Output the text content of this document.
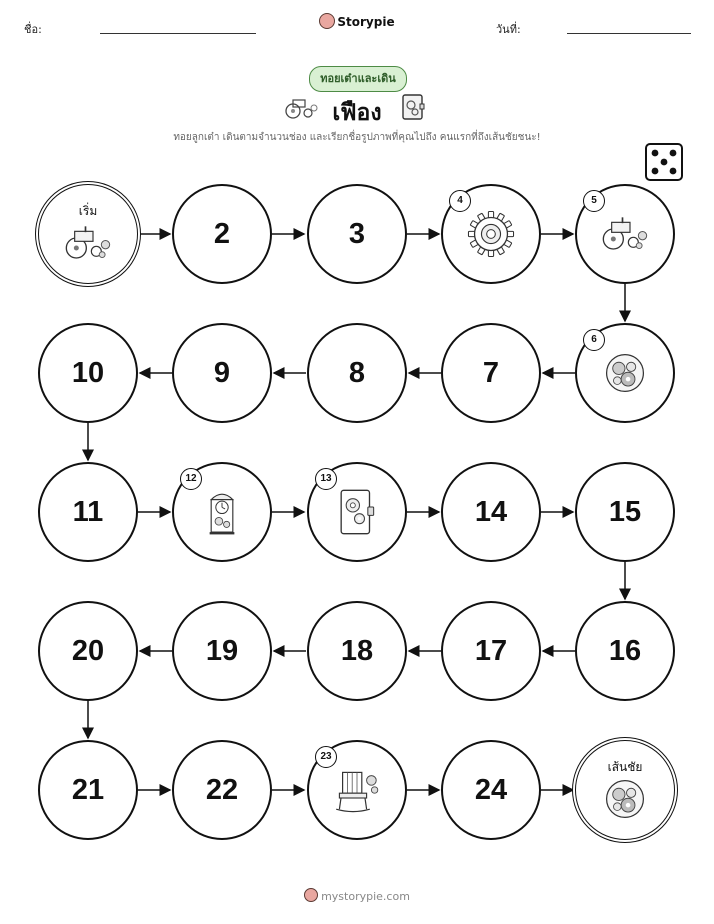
ชื่อ:
Storypie
วันที่:
ทอยเต๋าและเดิน
เฟือง
ทอยลูกเต๋า เดินตามจำนวนช่อง และเรียกชื่อรูปภาพที่คุณไปถึง คนแรกที่ถึงเส้นชัยชนะ!
เริ่ม
2	3
4	5
10	9	8	7
6
11
12	13
14	15
20	19	18	17	16
21	22
23
24
เส้นชัย
mystorypie.com
